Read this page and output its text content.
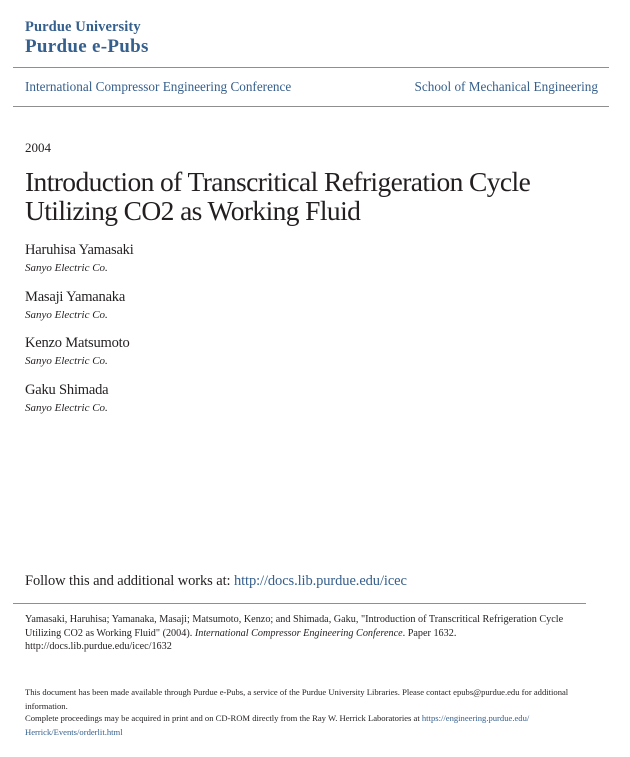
Purdue University
Purdue e-Pubs
International Compressor Engineering Conference	School of Mechanical Engineering
2004
Introduction of Transcritical Refrigeration Cycle
Utilizing CO2 as Working Fluid
Haruhisa Yamasaki
Sanyo Electric Co.
Masaji Yamanaka
Sanyo Electric Co.
Kenzo Matsumoto
Sanyo Electric Co.
Gaku Shimada
Sanyo Electric Co.
Follow this and additional works at: http://docs.lib.purdue.edu/icec
Yamasaki, Haruhisa; Yamanaka, Masaji; Matsumoto, Kenzo; and Shimada, Gaku, "Introduction of Transcritical Refrigeration Cycle Utilizing CO2 as Working Fluid" (2004). International Compressor Engineering Conference. Paper 1632.
http://docs.lib.purdue.edu/icec/1632
This document has been made available through Purdue e-Pubs, a service of the Purdue University Libraries. Please contact epubs@purdue.edu for additional information.
Complete proceedings may be acquired in print and on CD-ROM directly from the Ray W. Herrick Laboratories at https://engineering.purdue.edu/
Herrick/Events/orderlit.html
